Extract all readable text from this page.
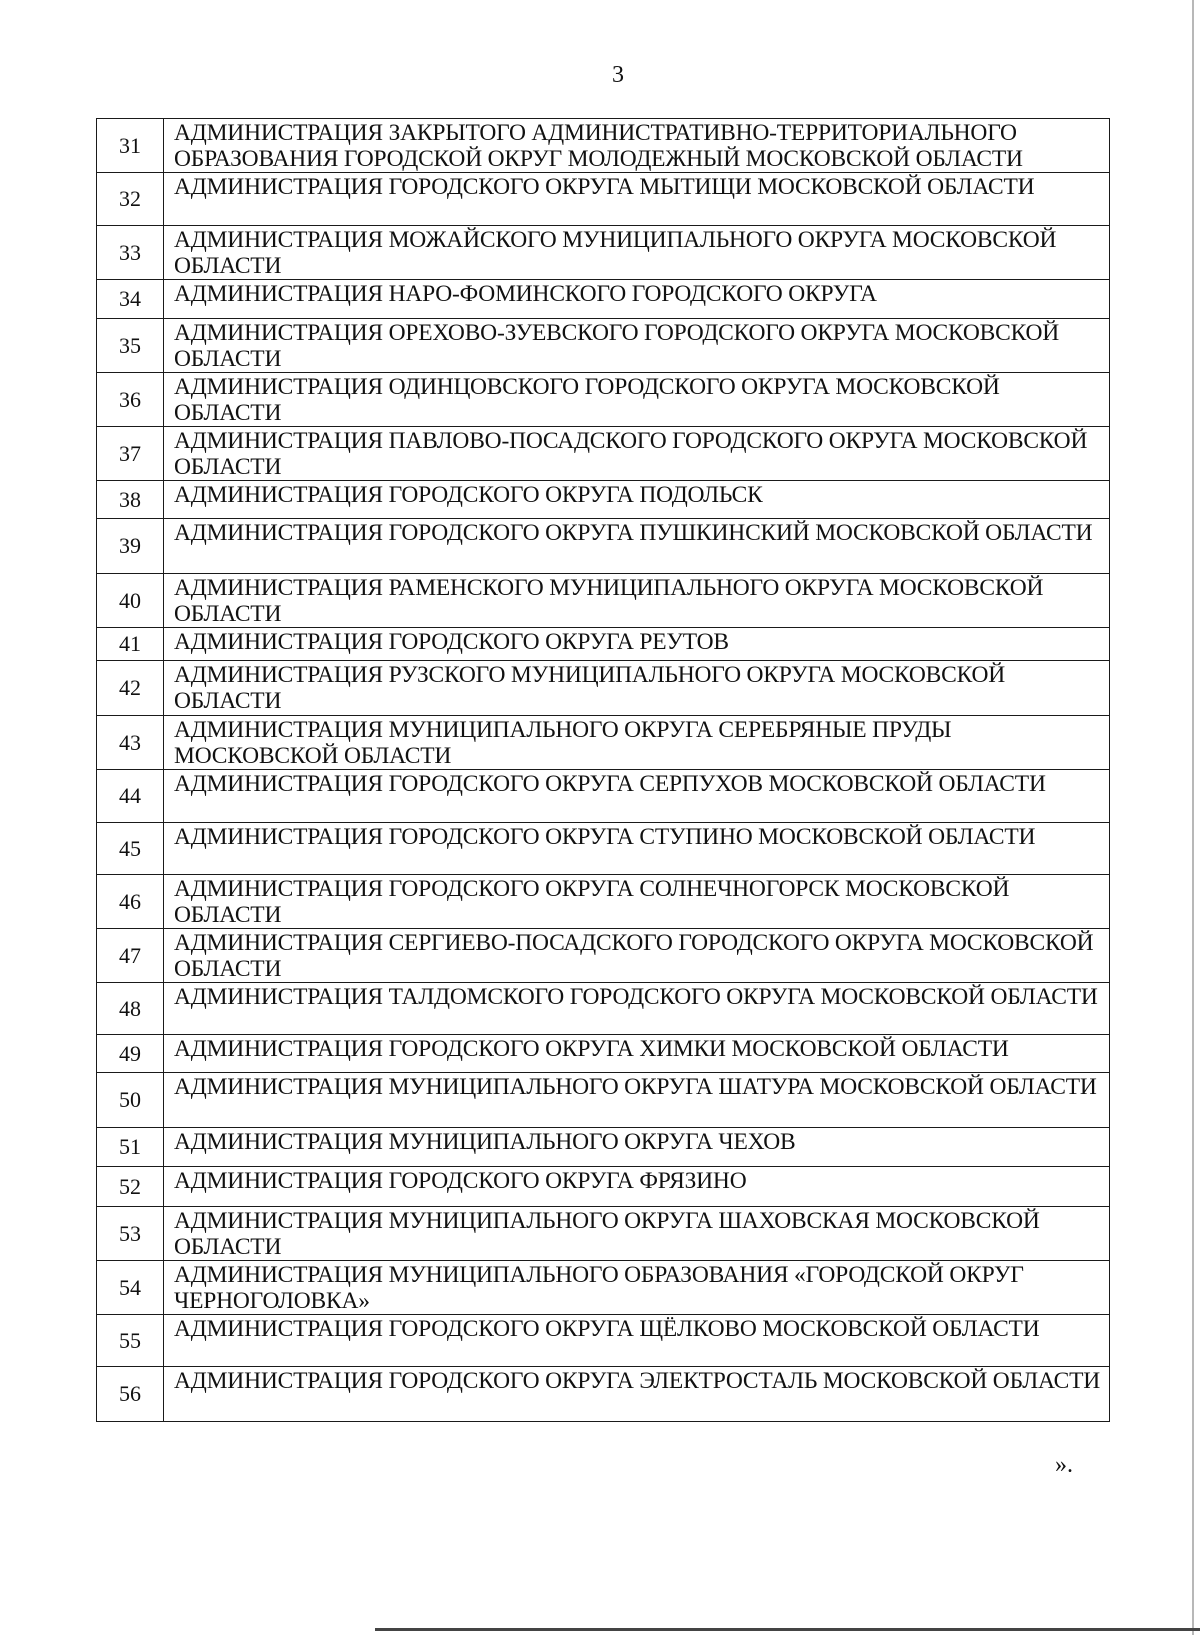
3
31	АДМИНИСТРАЦИЯ ЗАКРЫТОГО АДМИНИСТРАТИВНО-ТЕРРИТОРИАЛЬНОГО ОБРАЗОВАНИЯ ГОРОДСКОЙ ОКРУГ МОЛОДЕЖНЫЙ МОСКОВСКОЙ ОБЛАСТИ
32	АДМИНИСТРАЦИЯ ГОРОДСКОГО ОКРУГА МЫТИЩИ МОСКОВСКОЙ ОБЛАСТИ
33	АДМИНИСТРАЦИЯ МОЖАЙСКОГО МУНИЦИПАЛЬНОГО ОКРУГА МОСКОВСКОЙ ОБЛАСТИ
34	АДМИНИСТРАЦИЯ НАРО-ФОМИНСКОГО ГОРОДСКОГО ОКРУГА
35	АДМИНИСТРАЦИЯ ОРЕХОВО-ЗУЕВСКОГО ГОРОДСКОГО ОКРУГА МОСКОВСКОЙ ОБЛАСТИ
36	АДМИНИСТРАЦИЯ ОДИНЦОВСКОГО ГОРОДСКОГО ОКРУГА МОСКОВСКОЙ ОБЛАСТИ
37	АДМИНИСТРАЦИЯ ПАВЛОВО-ПОСАДСКОГО ГОРОДСКОГО ОКРУГА МОСКОВСКОЙ ОБЛАСТИ
38	АДМИНИСТРАЦИЯ ГОРОДСКОГО ОКРУГА ПОДОЛЬСК
39	АДМИНИСТРАЦИЯ ГОРОДСКОГО ОКРУГА ПУШКИНСКИЙ МОСКОВСКОЙ ОБЛАСТИ
40	АДМИНИСТРАЦИЯ РАМЕНСКОГО МУНИЦИПАЛЬНОГО ОКРУГА МОСКОВСКОЙ ОБЛАСТИ
41	АДМИНИСТРАЦИЯ ГОРОДСКОГО ОКРУГА РЕУТОВ
42	АДМИНИСТРАЦИЯ РУЗСКОГО МУНИЦИПАЛЬНОГО ОКРУГА МОСКОВСКОЙ ОБЛАСТИ
43	АДМИНИСТРАЦИЯ МУНИЦИПАЛЬНОГО ОКРУГА СЕРЕБРЯНЫЕ ПРУДЫ МОСКОВСКОЙ ОБЛАСТИ
44	АДМИНИСТРАЦИЯ ГОРОДСКОГО ОКРУГА СЕРПУХОВ МОСКОВСКОЙ ОБЛАСТИ
45	АДМИНИСТРАЦИЯ ГОРОДСКОГО ОКРУГА СТУПИНО МОСКОВСКОЙ ОБЛАСТИ
46	АДМИНИСТРАЦИЯ ГОРОДСКОГО ОКРУГА СОЛНЕЧНОГОРСК МОСКОВСКОЙ ОБЛАСТИ
47	АДМИНИСТРАЦИЯ СЕРГИЕВО-ПОСАДСКОГО ГОРОДСКОГО ОКРУГА МОСКОВСКОЙ ОБЛАСТИ
48	АДМИНИСТРАЦИЯ ТАЛДОМСКОГО ГОРОДСКОГО ОКРУГА МОСКОВСКОЙ ОБЛАСТИ
49	АДМИНИСТРАЦИЯ ГОРОДСКОГО ОКРУГА ХИМКИ МОСКОВСКОЙ ОБЛАСТИ
50	АДМИНИСТРАЦИЯ МУНИЦИПАЛЬНОГО ОКРУГА ШАТУРА МОСКОВСКОЙ ОБЛАСТИ
51	АДМИНИСТРАЦИЯ МУНИЦИПАЛЬНОГО ОКРУГА ЧЕХОВ
52	АДМИНИСТРАЦИЯ ГОРОДСКОГО ОКРУГА ФРЯЗИНО
53	АДМИНИСТРАЦИЯ МУНИЦИПАЛЬНОГО ОКРУГА ШАХОВСКАЯ МОСКОВСКОЙ ОБЛАСТИ
54	АДМИНИСТРАЦИЯ МУНИЦИПАЛЬНОГО ОБРАЗОВАНИЯ «ГОРОДСКОЙ ОКРУГ ЧЕРНОГОЛОВКА»
55	АДМИНИСТРАЦИЯ ГОРОДСКОГО ОКРУГА ЩЁЛКОВО МОСКОВСКОЙ ОБЛАСТИ
56	АДМИНИСТРАЦИЯ ГОРОДСКОГО ОКРУГА ЭЛЕКТРОСТАЛЬ МОСКОВСКОЙ ОБЛАСТИ
».
